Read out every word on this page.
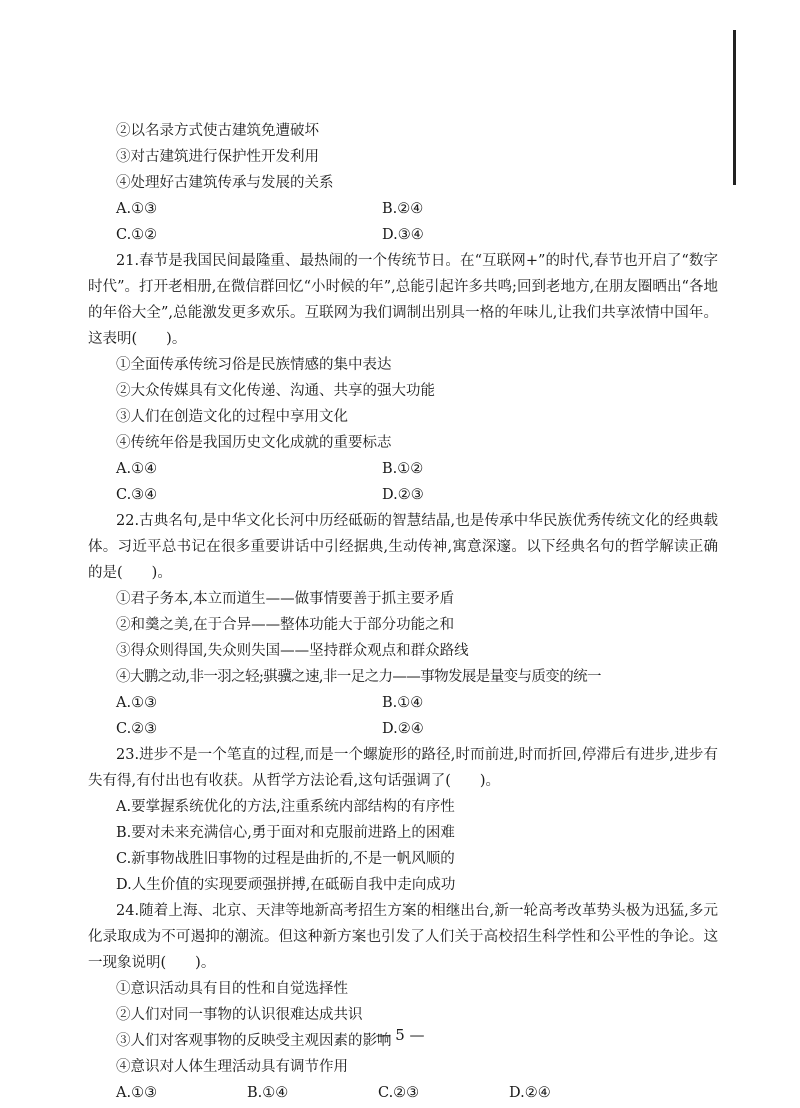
②以名录方式使古建筑免遭破坏
③对古建筑进行保护性开发利用
④处理好古建筑传承与发展的关系
A.①③	B.②④
C.①②	D.③④

21.春节是我国民间最隆重、最热闹的一个传统节日。在“互联网+”的时代,春节也开启了“数字时代”。打开老相册,在微信群回忆“小时候的年”,总能引起许多共鸣;回到老地方,在朋友圈晒出“各地的年俗大全”,总能激发更多欢乐。互联网为我们调制出别具一格的年味儿,让我们共享浓情中国年。这表明(　　)。

①全面传承传统习俗是民族情感的集中表达
②大众传媒具有文化传递、沟通、共享的强大功能
③人们在创造文化的过程中享用文化
④传统年俗是我国历史文化成就的重要标志
A.①④	B.①②
C.③④	D.②③

22.古典名句,是中华文化长河中历经砥砺的智慧结晶,也是传承中华民族优秀传统文化的经典载体。习近平总书记在很多重要讲话中引经据典,生动传神,寓意深邃。以下经典名句的哲学解读正确的是(　　)。

①君子务本,本立而道生——做事情要善于抓主要矛盾
②和羹之美,在于合异——整体功能大于部分功能之和
③得众则得国,失众则失国——坚持群众观点和群众路线
④大鹏之动,非一羽之轻;骐骥之速,非一足之力——事物发展是量变与质变的统一
A.①③	B.①④
C.②③	D.②④

23.进步不是一个笔直的过程,而是一个螺旋形的路径,时而前进,时而折回,停滞后有进步,进步有失有得,有付出也有收获。从哲学方法论看,这句话强调了(　　)。

A.要掌握系统优化的方法,注重系统内部结构的有序性
B.要对未来充满信心,勇于面对和克服前进路上的困难
C.新事物战胜旧事物的过程是曲折的,不是一帆风顺的
D.人生价值的实现要顽强拼搏,在砥砺自我中走向成功

24.随着上海、北京、天津等地新高考招生方案的相继出台,新一轮高考改革势头极为迅猛,多元化录取成为不可遏抑的潮流。但这种新方案也引发了人们关于高校招生科学性和公平性的争论。这一现象说明(　　)。

①意识活动具有目的性和自觉选择性
②人们对同一事物的认识很难达成共识
③人们对客观事物的反映受主观因素的影响
④意识对人体生理活动具有调节作用
A.①③	B.①④	C.②③	D.②④
— 5 —
